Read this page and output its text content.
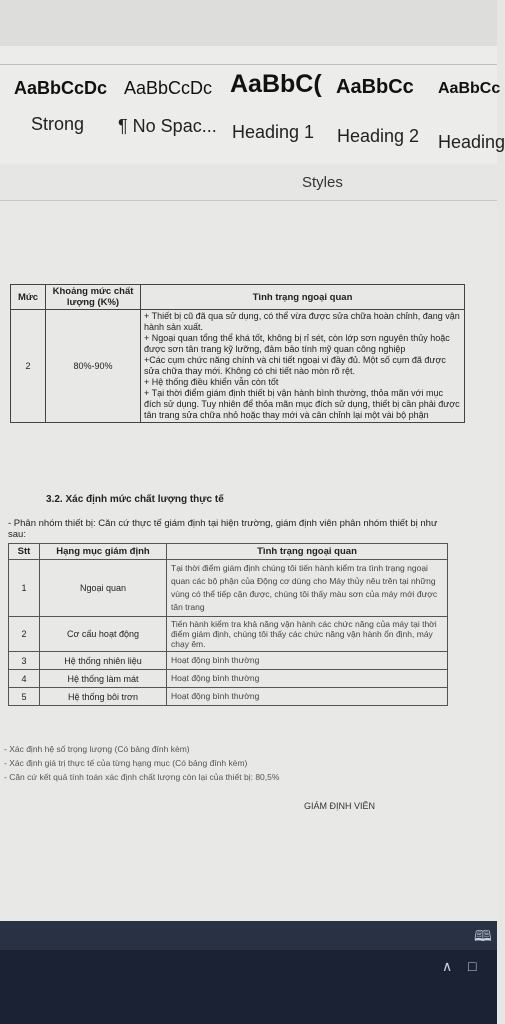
AaBbCcDc
Strong
AaBbCcDc
¶ No Spac...
AaBbC(
Heading 1
AaBbCc
Heading 2
AaBbCc
Heading
Styles
Mức	Khoảng mức chất lượng (K%)	Tình trạng ngoại quan
2	80%-90%	+ Thiết bị cũ đã qua sử dụng, có thể vừa được sửa chữa hoàn chỉnh, đang vận hành sản xuất.

+ Ngoại quan tổng thể khá tốt, không bị rỉ sét, còn lớp sơn nguyên thủy hoặc được sơn tân trang kỹ lưỡng, đảm bảo tính mỹ quan công nghiệp

+Các cụm chức năng chính và chi tiết ngoại vi đầy đủ. Một số cụm đã được sửa chữa thay mới. Không có chi tiết nào mòn rõ rệt.

+ Hệ thống điều khiển vẫn còn tốt

+ Tại thời điểm giám định thiết bị vận hành bình thường, thỏa mãn với mục đích sử dụng. Tuy nhiên để thỏa mãn mục đích sử dụng, thiết bị cần phải được tân trang sửa chữa nhỏ hoặc thay mới và cân chỉnh lại một vài bộ phận

3.2. Xác định mức chất lượng thực tế
- Phân nhóm thiết bị: Căn cứ thực tế giám định tại hiện trường, giám định viên phân nhóm thiết bị như sau:
Stt	Hạng mục giám định	Tình trạng ngoại quan
1	Ngoại quan	Tại thời điểm giám định chúng tôi tiến hành kiểm tra tình trạng ngoại quan các bộ phận của Động cơ dùng cho Máy thủy nêu trên tại những vùng có thể tiếp cận được, chúng tôi thấy màu sơn của máy mới được tân trang
2	Cơ cấu hoạt động	Tiến hành kiểm tra khả năng vận hành các chức năng của máy tại thời điểm giám định, chúng tôi thấy các chức năng vận hành ổn định, máy chạy êm.
3	Hệ thống nhiên liệu	Hoạt động bình thường
4	Hệ thống làm mát	Hoạt động bình thường
5	Hệ thống bôi trơn	Hoạt động bình thường
- Xác định hệ số trọng lượng (Có bảng đính kèm)
- Xác định giá trị thực tế của từng hạng mục (Có bảng đính kèm)
- Căn cứ kết quả tính toán xác định chất lượng còn lại của thiết bị: 80,5%
GIÁM ĐỊNH VIÊN
🕮
∧ □
